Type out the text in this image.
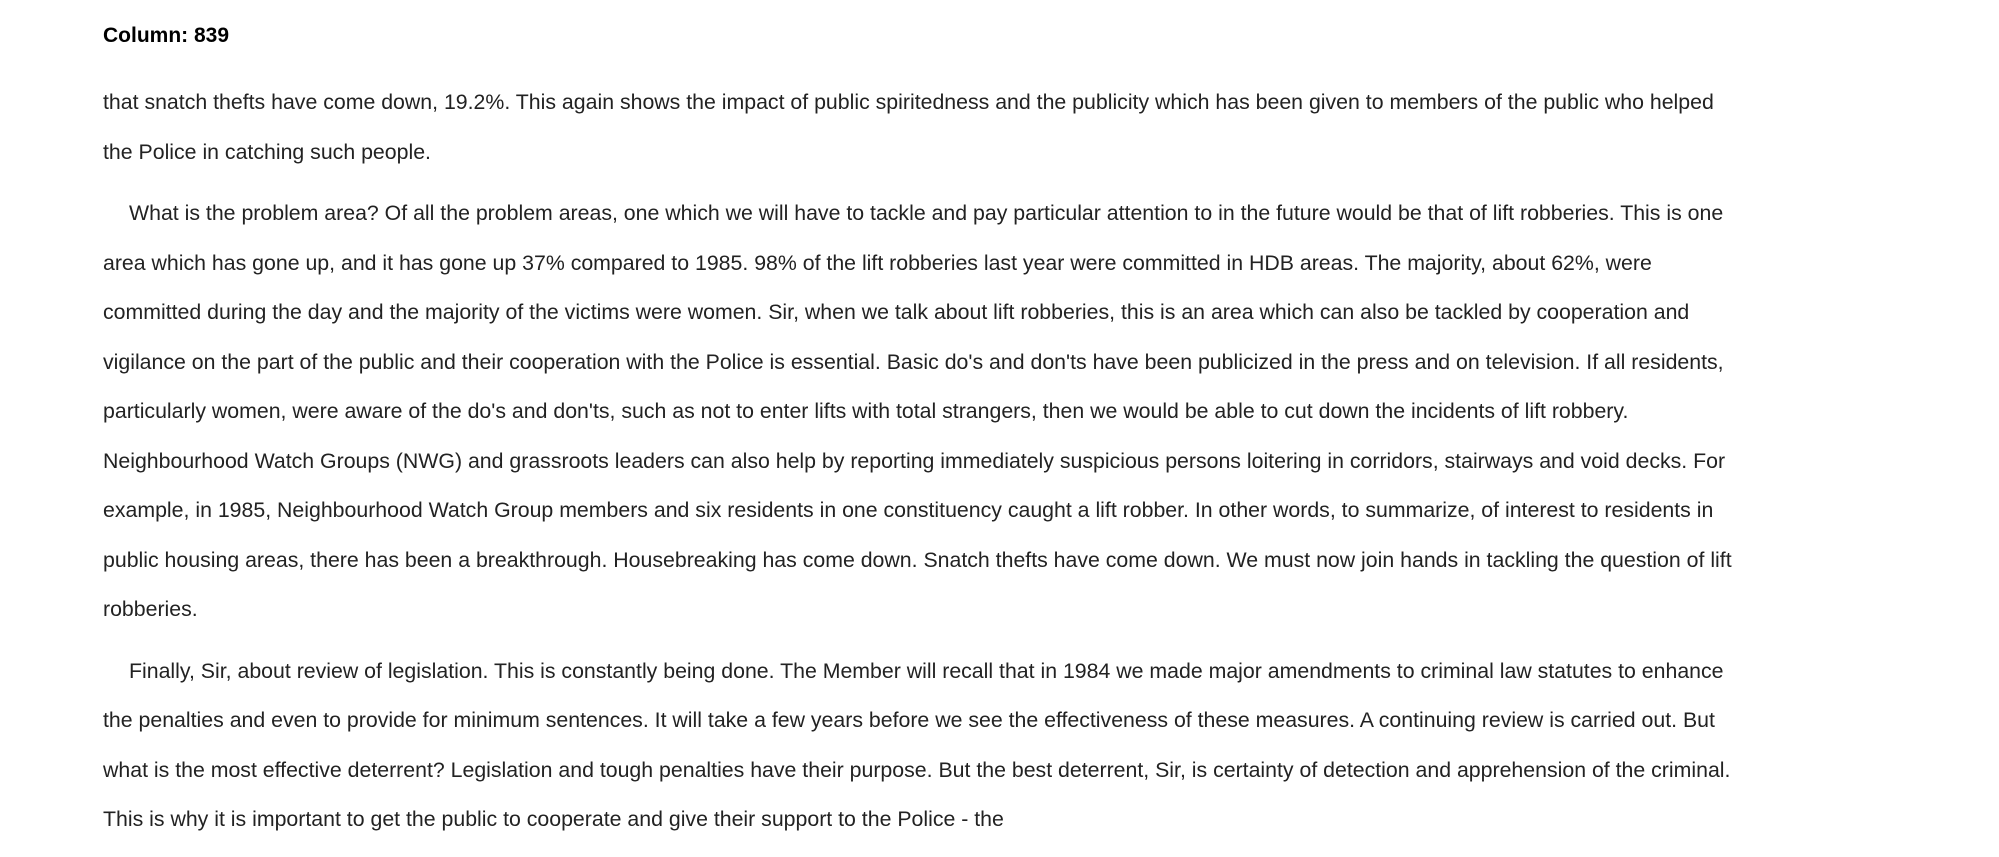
Column: 839
that snatch thefts have come down, 19.2%. This again shows the impact of public spiritedness and the publicity which has been given to members of the public who helped
the Police in catching such people.
What is the problem area? Of all the problem areas, one which we will have to tackle and pay particular attention to in the future would be that of lift robberies. This is one
area which has gone up, and it has gone up 37% compared to 1985. 98% of the lift robberies last year were committed in HDB areas. The majority, about 62%, were
committed during the day and the majority of the victims were women. Sir, when we talk about lift robberies, this is an area which can also be tackled by cooperation and
vigilance on the part of the public and their cooperation with the Police is essential. Basic do's and don'ts have been publicized in the press and on television. If all residents,
particularly women, were aware of the do's and don'ts, such as not to enter lifts with total strangers, then we would be able to cut down the incidents of lift robbery.
Neighbourhood Watch Groups (NWG) and grassroots leaders can also help by reporting immediately suspicious persons loitering in corridors, stairways and void decks. For
example, in 1985, Neighbourhood Watch Group members and six residents in one constituency caught a lift robber. In other words, to summarize, of interest to residents in
public housing areas, there has been a breakthrough. Housebreaking has come down. Snatch thefts have come down. We must now join hands in tackling the question of lift
robberies.
Finally, Sir, about review of legislation. This is constantly being done. The Member will recall that in 1984 we made major amendments to criminal law statutes to enhance
the penalties and even to provide for minimum sentences. It will take a few years before we see the effectiveness of these measures. A continuing review is carried out. But
what is the most effective deterrent? Legislation and tough penalties have their purpose. But the best deterrent, Sir, is certainty of detection and apprehension of the criminal.
This is why it is important to get the public to cooperate and give their support to the Police - the
